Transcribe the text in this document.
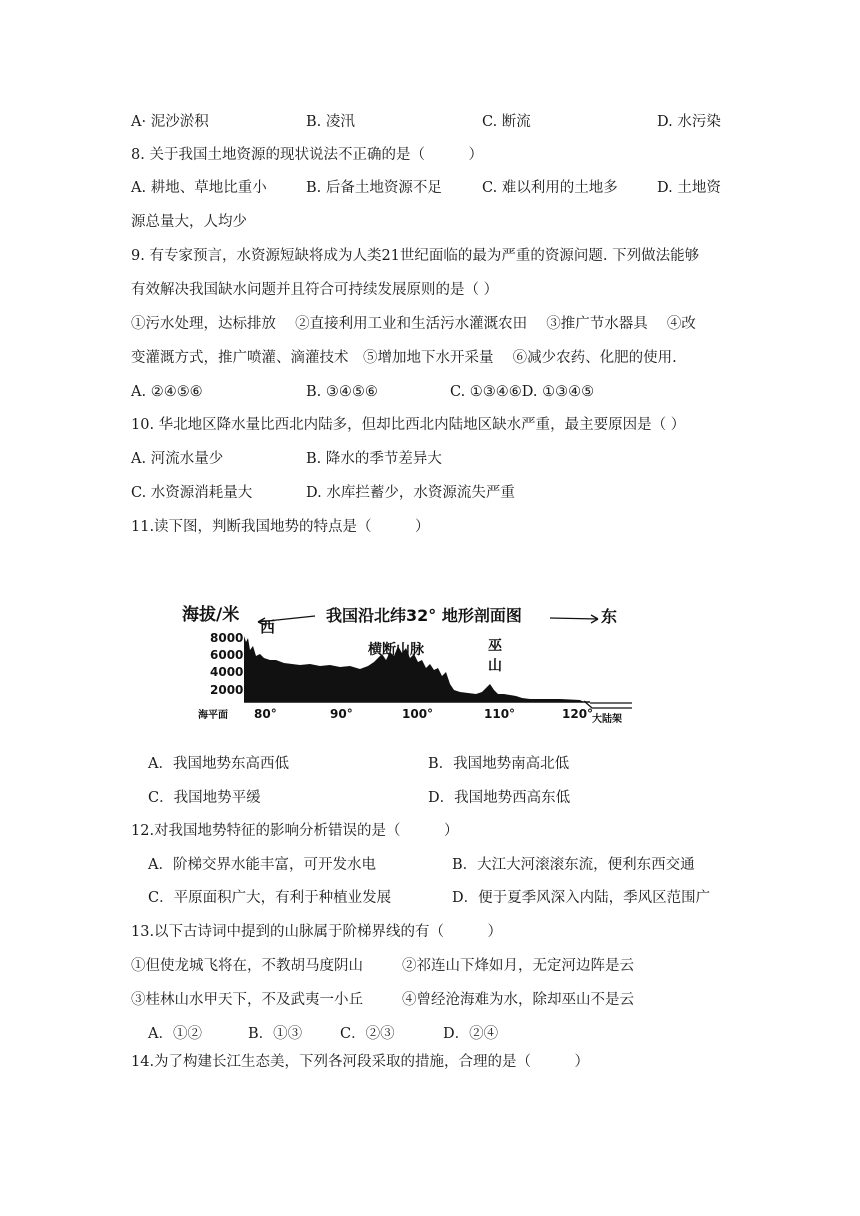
A· 泥沙淤积	B. 凌汛	C. 断流	D. 水污染
8. 关于我国土地资源的现状说法不正确的是（　　　）
A. 耕地、草地比重小	B. 后备土地资源不足	C. 难以利用的土地多	D. 土地资
源总量大，人均少
9. 有专家预言，水资源短缺将成为人类21世纪面临的最为严重的资源问题. 下列做法能够
有效解决我国缺水问题并且符合可持续发展原则的是（ ）
①污水处理，达标排放　 ②直接利用工业和生活污水灌溉农田　 ③推广节水器具　 ④改
变灌溉方式，推广喷灌、滴灌技术　⑤增加地下水开采量　 ⑥减少农药、化肥的使用.
A. ②④⑤⑥	B. ③④⑤⑥	C. ①③④⑥D. ①③④⑤
10. 华北地区降水量比西北内陆多，但却比西北内陆地区缺水严重，最主要原因是（ ）
A. 河流水量少	B. 降水的季节差异大
C. 水资源消耗量大	D. 水库拦蓄少，水资源流失严重
11.读下图，判断我国地势的特点是（　　　）
海拔/米
西
我国沿北纬32° 地形剖面图	东
8000
6000
4000
2000
横断山脉	巫
山
海平面 80°	90°	100°	110°	120°
大陆架
A．我国地势东高西低	B．我国地势南高北低
C．我国地势平缓	D．我国地势西高东低
12.对我国地势特征的影响分析错误的是（　　　）
A．阶梯交界水能丰富，可开发水电	B．大江大河滚滚东流，便利东西交通
C．平原面积广大，有利于种植业发展	D．便于夏季风深入内陆，季风区范围广
13.以下古诗词中提到的山脉属于阶梯界线的有（　　　）
①但使龙城飞将在，不教胡马度阴山	②祁连山下烽如月，无定河边阵是云
③桂林山水甲天下，不及武夷一小丘	④曾经沧海难为水，除却巫山不是云
A．①②	B．①③	C．②③	D．②④
14.为了构建长江生态美，下列各河段采取的措施，合理的是（　　　）
